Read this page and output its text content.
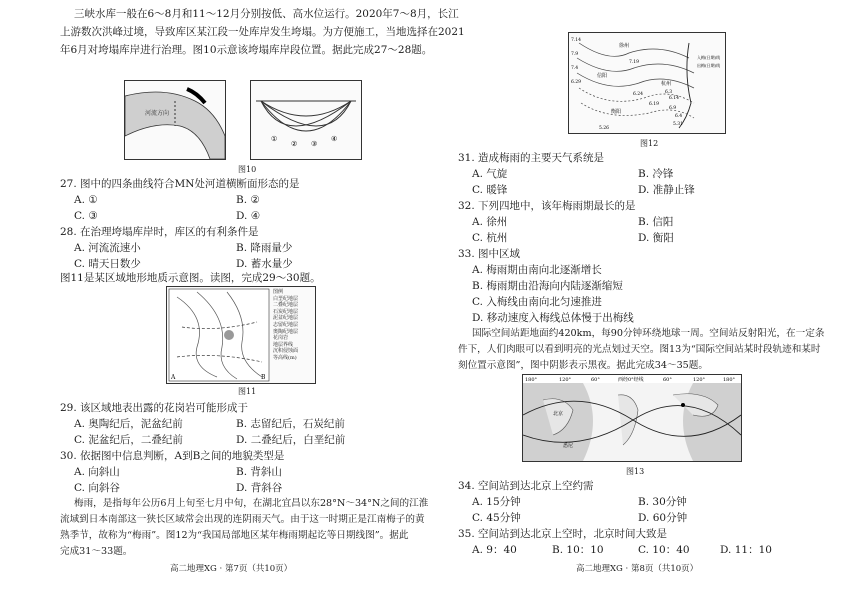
三峡水库一般在6～8月和11～12月分别按低、高水位运行。2020年7～8月，长江
上游数次洪峰过境，导致库区某江段一处库岸发生垮塌。为方便施工，当地选择在2021
年6月对垮塌库岸进行治理。图10示意该垮塌库岸段位置。据此完成27～28题。
河流方向
①
② ③
④
图10
27. 图中的四条曲线符合MN处河道横断面形态的是
A. ①	B. ②
C. ③	D. ④
28. 在治理垮塌库岸时，库区的有利条件是
A. 河流流速小	B. 降雨量少
C. 晴天日数少	D. 蓄水量少
图11是某区域地形地质示意图。读图，完成29～30题。
A	B
图例
白垩纪地层
二叠纪地层
石炭纪地层
泥盆纪地层
志留纪地层
奥陶纪地层
花岗岩
地层界线
沉积侵蚀面
等高线(m)
图11
29. 该区域地表出露的花岗岩可能形成于
A. 奥陶纪后，泥盆纪前	B. 志留纪后，石炭纪前
C. 泥盆纪后，二叠纪前	D. 二叠纪后，白垩纪前
30. 依据图中信息判断，A到B之间的地貌类型是
A. 向斜山	B. 背斜山
C. 向斜谷	D. 背斜谷
梅雨，是指每年公历6月上旬至七月中旬，在湖北宜昌以东28°N～34°N之间的江淮
流域到日本南部这一狭长区域常会出现的连阴雨天气。由于这一时期正是江南梅子的黄
熟季节，故称为“梅雨”。图12为“我国局部地区某年梅雨期起讫等日期线图”。据此
完成31～33题。
高二地理XG · 第7页（共10页）
徐州
信阳
杭州
衡阳
7.14
7.9
7.4
6.29
7.19
6.24
6.19
6.14
6.9
6.4
5.31
5.26
6.3
入梅(日期)线
出梅(日期)线
图12
31. 造成梅雨的主要天气系统是
A. 气旋	B. 冷锋
C. 暖锋	D. 准静止锋
32. 下列四地中，该年梅雨期最长的是
A. 徐州	B. 信阳
C. 杭州	D. 衡阳
33. 图中区域
A. 梅雨期由南向北逐渐增长
B. 梅雨期由沿海向内陆逐渐缩短
C. 入梅线由南向北匀速推进
D. 移动速度入梅线总体慢于出梅线
国际空间站距地面约420km，每90分钟环绕地球一周。空间站反射阳光，在一定条
件下，人们肉眼可以看到明亮的光点划过天空。图13为“国际空间站某时段轨迹和某时
刻位置示意图”，图中阴影表示黑夜。据此完成34～35题。
180°	120°	60°	西经0°经线	60°	120°	180°
北京
悉尼
图13
34. 空间站到达北京上空约需
A. 15分钟	B. 30分钟
C. 45分钟	D. 60分钟
35. 空间站到达北京上空时，北京时间大致是
A. 9：40	B. 10：10	C. 10：40	D. 11：10
高二地理XG · 第8页（共10页）
